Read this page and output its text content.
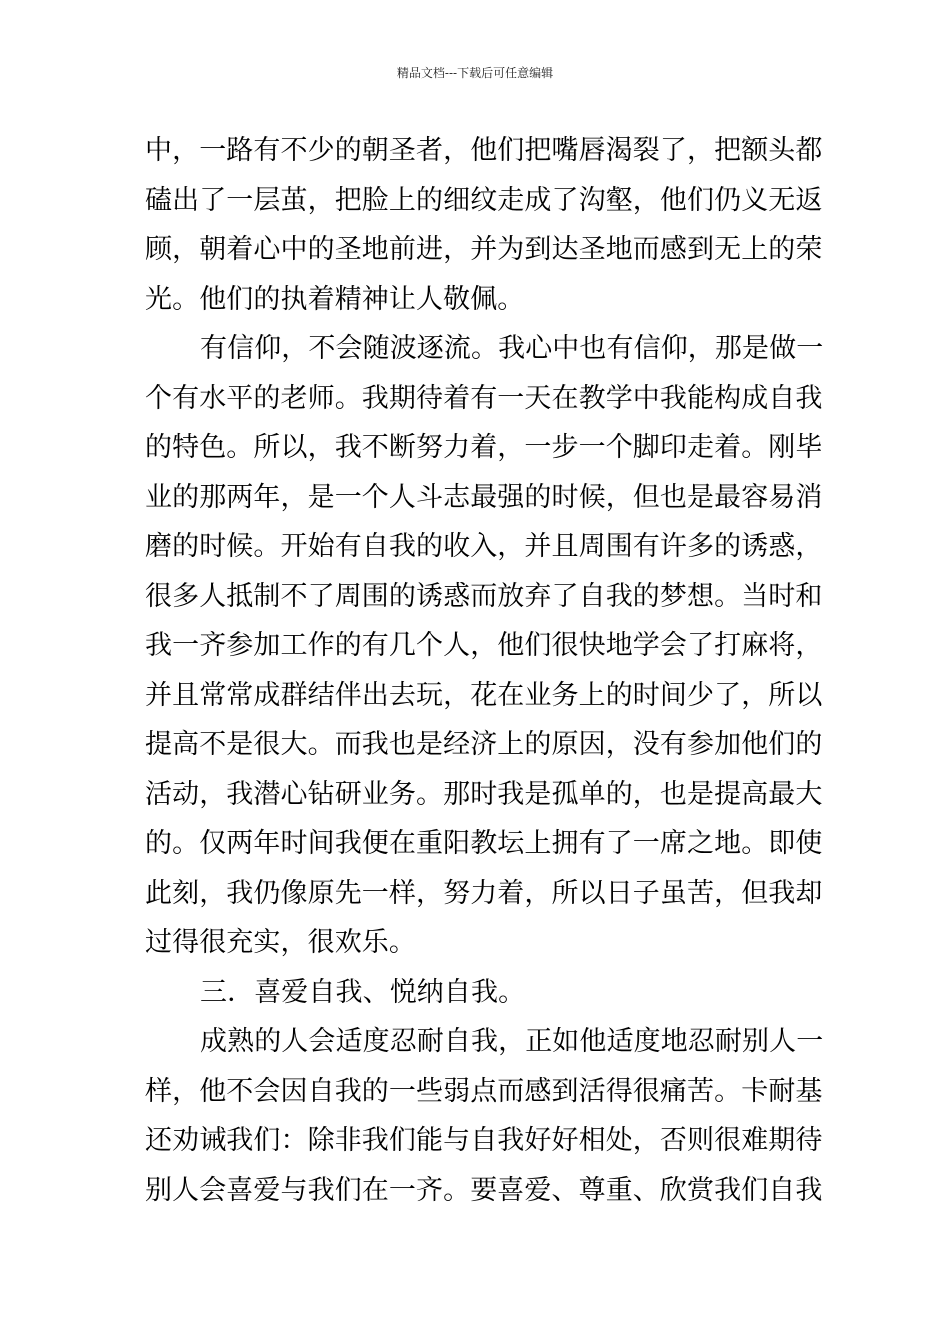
精品文档---下载后可任意编辑
中，一路有不少的朝圣者，他们把嘴唇渴裂了，把额头都
磕出了一层茧，把脸上的细纹走成了沟壑，他们仍义无返
顾，朝着心中的圣地前进，并为到达圣地而感到无上的荣
光。他们的执着精神让人敬佩。
有信仰，不会随波逐流。我心中也有信仰，那是做一
个有水平的老师。我期待着有一天在教学中我能构成自我
的特色。所以，我不断努力着，一步一个脚印走着。刚毕
业的那两年，是一个人斗志最强的时候，但也是最容易消
磨的时候。开始有自我的收入，并且周围有许多的诱惑，
很多人抵制不了周围的诱惑而放弃了自我的梦想。当时和
我一齐参加工作的有几个人，他们很快地学会了打麻将，
并且常常成群结伴出去玩，花在业务上的时间少了，所以
提高不是很大。而我也是经济上的原因，没有参加他们的
活动，我潜心钻研业务。那时我是孤单的，也是提高最大
的。仅两年时间我便在重阳教坛上拥有了一席之地。即使
此刻，我仍像原先一样，努力着，所以日子虽苦，但我却
过得很充实，很欢乐。
三．喜爱自我、悦纳自我。
成熟的人会适度忍耐自我，正如他适度地忍耐别人一
样，他不会因自我的一些弱点而感到活得很痛苦。卡耐基
还劝诫我们：除非我们能与自我好好相处，否则很难期待
别人会喜爱与我们在一齐。要喜爱、尊重、欣赏我们自我
